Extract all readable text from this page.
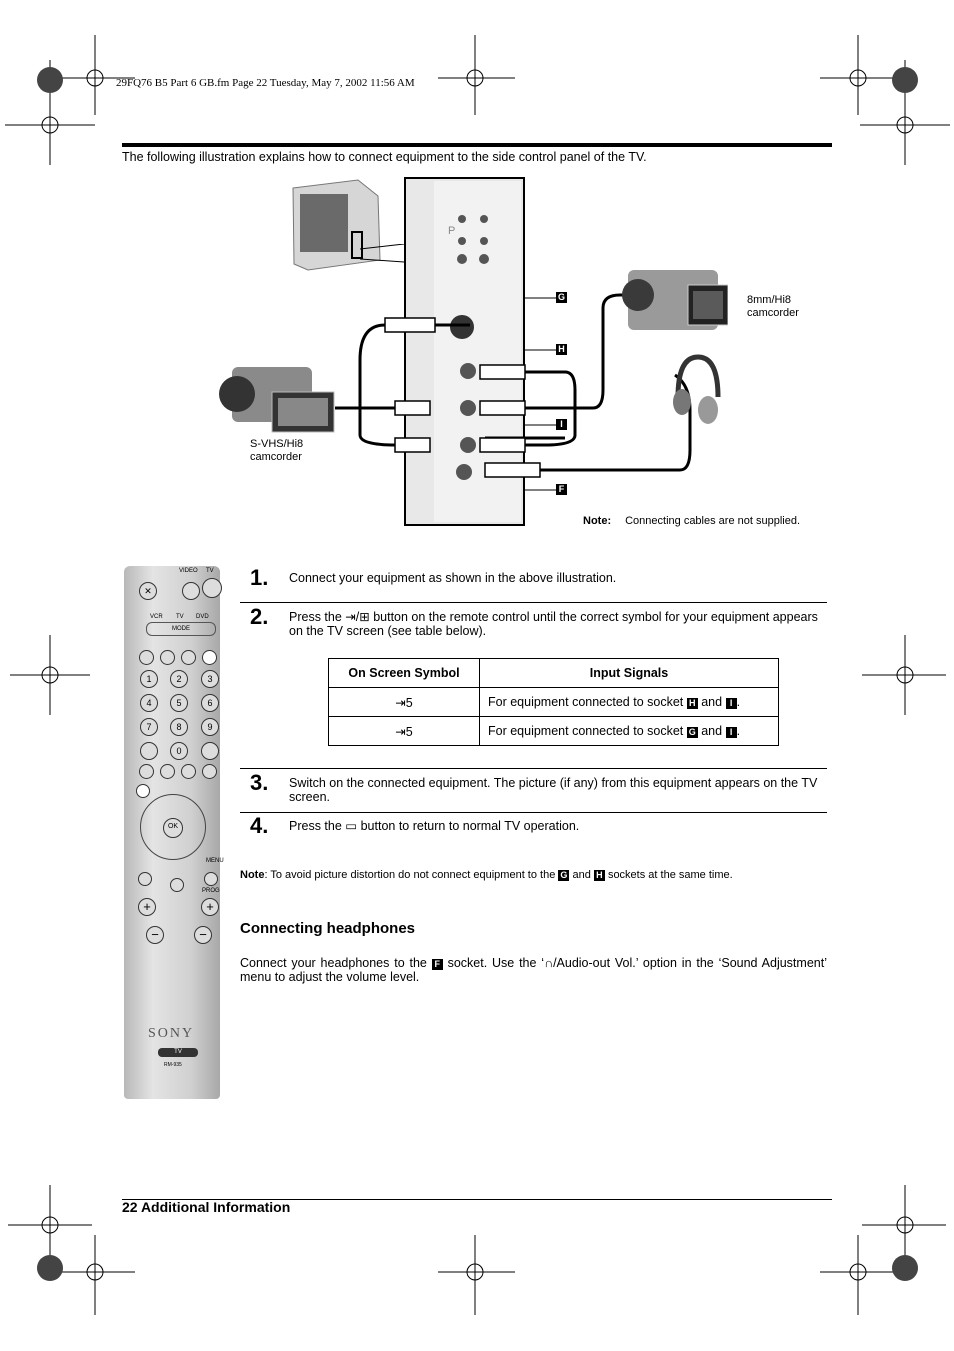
29FQ76 B5 Part 6 GB.fm Page 22 Tuesday, May 7, 2002 11:56 AM
The following illustration explains how to connect equipment to the side control panel of the TV.
P
G
H
I
F
8mm/Hi8
camcorder
S-VHS/Hi8
camcorder
Note: Connecting cables are not supplied.
VIDEO TV
✕
VCR TV DVD
MODE
1	2	3
4	5	6
7	8	9
0
OK
MENU
PROG
+	+
−	−
SONY
TV
RM-935
1. Connect your equipment as shown in the above illustration.
2. Press the ⇥/⊞ button on the remote control until the correct symbol for your equipment appears on the TV screen (see table below).
On Screen Symbol	Input Signals
⇥5	For equipment connected to socket H and I .
⇥5	For equipment connected to socket G and I .
3. Switch on the connected equipment. The picture (if any) from this equipment appears on the TV screen.
4. Press the ▭ button to return to normal TV operation.
Note: To avoid picture distortion do not connect equipment to the G and H sockets at the same time.
Connecting headphones
Connect your headphones to the F socket. Use the ‘∩/Audio-out Vol.’ option in the ‘Sound Adjustment’ menu to adjust the volume level.
22 Additional Information
